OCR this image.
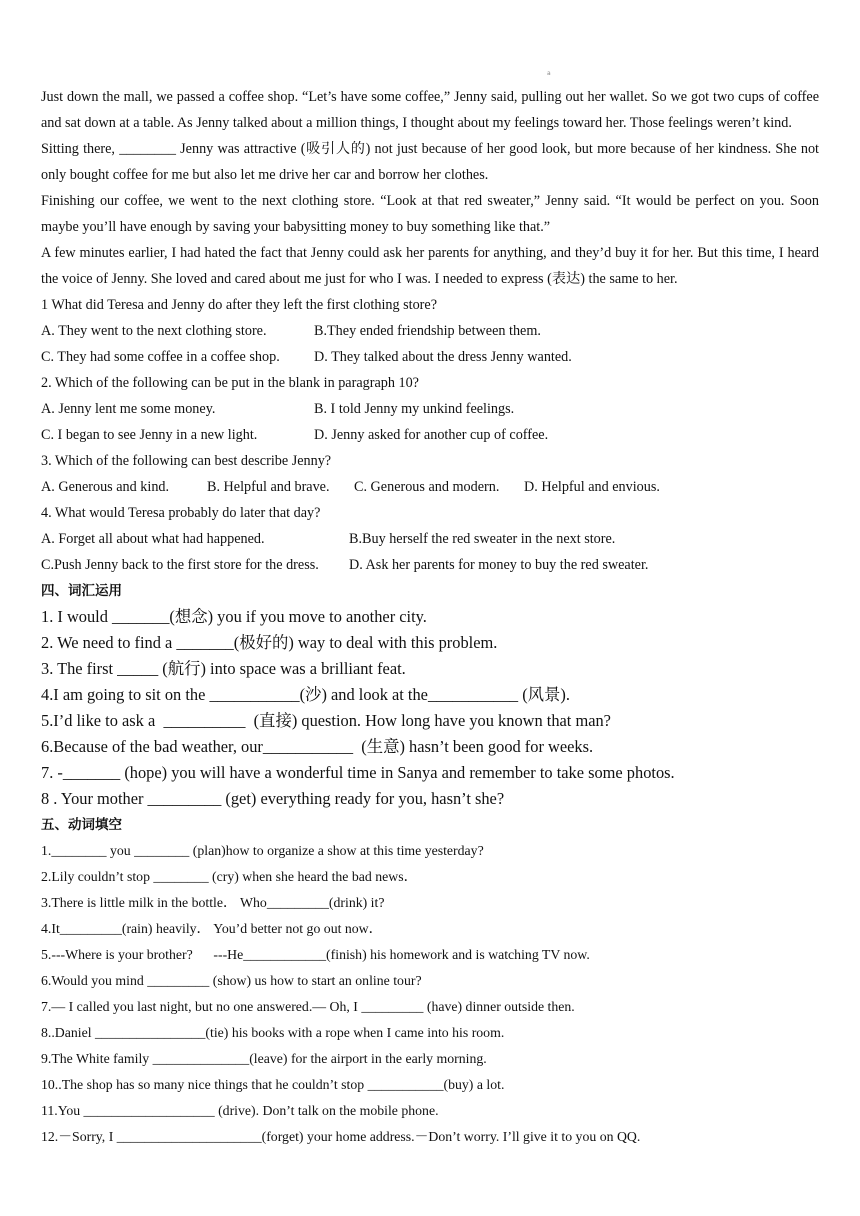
a

Just down the mall, we passed a coffee shop. “Let’s have some coffee,” Jenny said, pulling out her wallet. So we got two cups of coffee and sat down at a table. As Jenny talked about a million things, I thought about my feelings toward her. Those feelings weren’t kind.

Sitting there, ________ Jenny was attractive (吸引人的) not just because of her good look, but more because of her kindness. She not only bought coffee for me but also let me drive her car and borrow her clothes.

Finishing our coffee, we went to the next clothing store. “Look at that red sweater,” Jenny said. “It would be perfect on you. Soon maybe you’ll have enough by saving your babysitting money to buy something like that.”

A few minutes earlier, I had hated the fact that Jenny could ask her parents for anything, and they’d buy it for her. But this time, I heard the voice of Jenny. She loved and cared about me just for who I was. I needed to express (表达) the same to her.

1 What did Teresa and Jenny do after they left the first clothing store?

A. They went to the next clothing store.	B.They ended friendship between them.
C. They had some coffee in a coffee shop.	D. They talked about the dress Jenny wanted.

2. Which of the following can be put in the blank in paragraph 10?

A. Jenny lent me some money.	B. I told Jenny my unkind feelings.
C. I began to see Jenny in a new light.	D. Jenny asked for another cup of coffee.

3. Which of the following can best describe Jenny?

A. Generous and kind.	B. Helpful and brave.	C. Generous and modern.	D. Helpful and envious.

4. What would Teresa probably do later that day?

A. Forget all about what had happened.	B.Buy herself the red sweater in the next store.
C.Push Jenny back to the first store for the dress.	D. Ask her parents for money to buy the red sweater.

四、词汇运用

1. I would _______(想念) you if you move to another city.

2. We need to find a _______(极好的) way to deal with this problem.

3. The first _____ (航行) into space was a brilliant feat.

4.I am going to sit on the ___________(沙) and look at the___________ (风景).

5.I’d like to ask a  __________  (直接) question. How long have you known that man?

6.Because of the bad weather, our___________  (生意) hasn’t been good for weeks.

7. -_______ (hope) you will have a wonderful time in Sanya and remember to take some photos.

8 . Your mother _________ (get) everything ready for you, hasn’t she?

五、动词填空

1.________ you ________ (plan)how to organize a show at this time yesterday?

2.Lily couldn’t stop ________ (cry) when she heard the bad news．

3.There is little milk in the bottle． Who_________(drink) it?

4.It_________(rain) heavily． You’d better not go out now．

5.---Where is your brother?      ---He____________(finish) his homework and is watching TV now.

6.Would you mind _________ (show) us how to start an online tour?

7.— I called you last night, but no one answered.— Oh, I _________ (have) dinner outside then.

8..Daniel ________________(tie) his books with a rope when I came into his room.

9.The White family ______________(leave) for the airport in the early morning.

10..The shop has so many nice things that he couldn’t stop ___________(buy) a lot.

11.You ___________________ (drive). Don’t talk on the mobile phone.

12.－Sorry, I _____________________(forget) your home address.－Don’t worry. I’ll give it to you on QQ.
